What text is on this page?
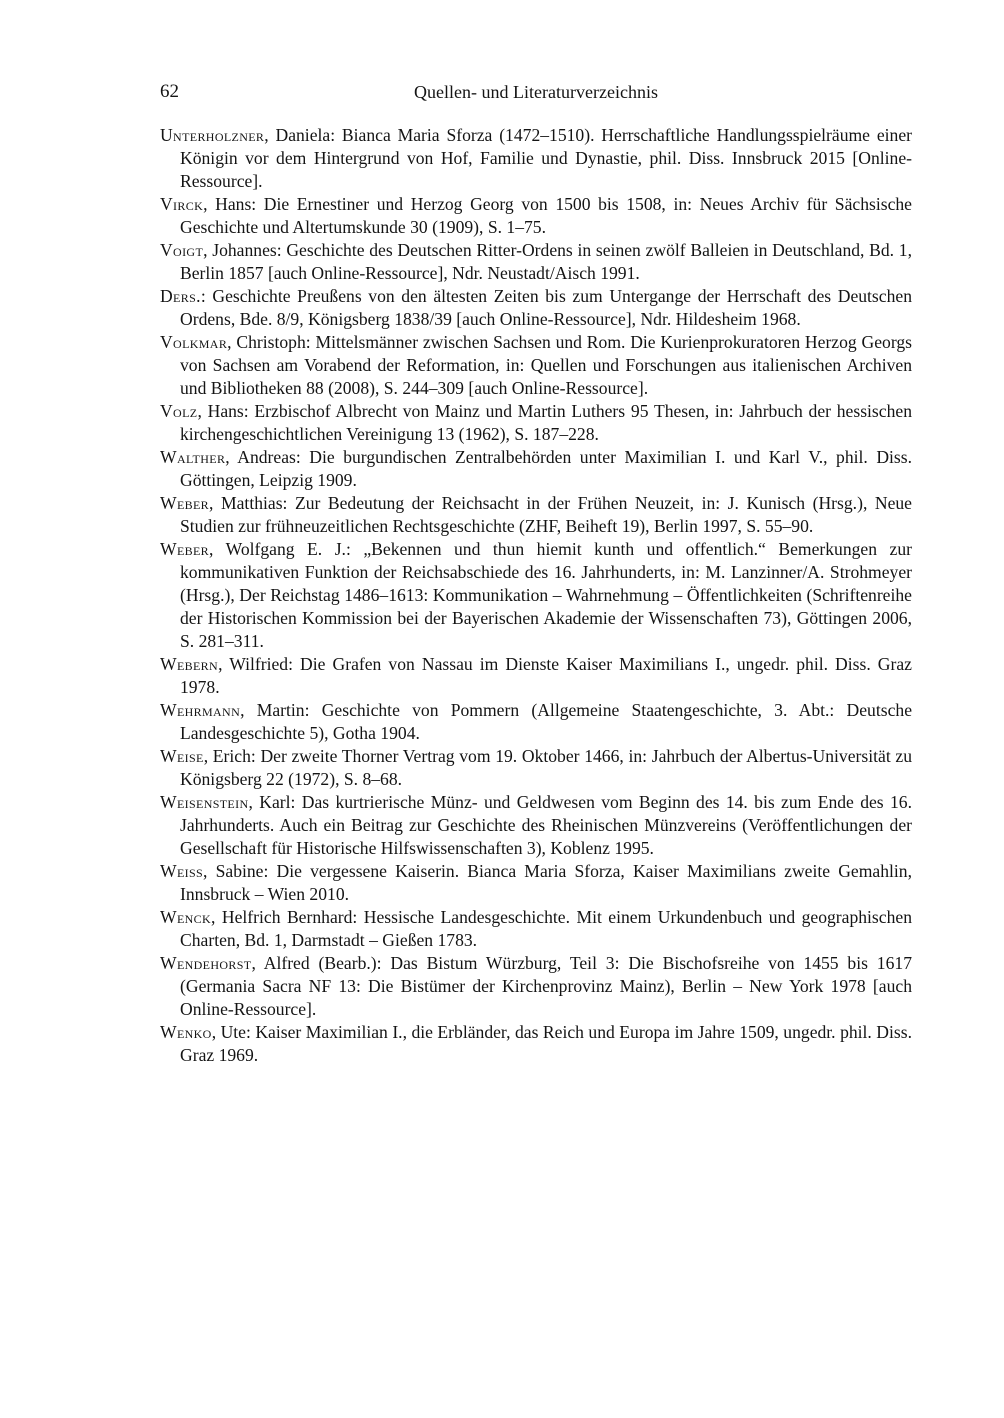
62	Quellen- und Literaturverzeichnis

Unterholzner, Daniela: Bianca Maria Sforza (1472–1510). Herrschaftliche Handlungsspielräume einer Königin vor dem Hintergrund von Hof, Familie und Dynastie, phil. Diss. Innsbruck 2015 [Online-Ressource].

Virck, Hans: Die Ernestiner und Herzog Georg von 1500 bis 1508, in: Neues Archiv für Sächsische Geschichte und Altertumskunde 30 (1909), S. 1–75.

Voigt, Johannes: Geschichte des Deutschen Ritter-Ordens in seinen zwölf Balleien in Deutschland, Bd. 1, Berlin 1857 [auch Online-Ressource], Ndr. Neustadt/Aisch 1991.

Ders.: Geschichte Preußens von den ältesten Zeiten bis zum Untergange der Herrschaft des Deutschen Ordens, Bde. 8/9, Königsberg 1838/39 [auch Online-Ressource], Ndr. Hildesheim 1968.

Volkmar, Christoph: Mittelsmänner zwischen Sachsen und Rom. Die Kurienprokuratoren Herzog Georgs von Sachsen am Vorabend der Reformation, in: Quellen und Forschungen aus italienischen Archiven und Bibliotheken 88 (2008), S. 244–309 [auch Online-Ressource].

Volz, Hans: Erzbischof Albrecht von Mainz und Martin Luthers 95 Thesen, in: Jahrbuch der hessischen kirchengeschichtlichen Vereinigung 13 (1962), S. 187–228.

Walther, Andreas: Die burgundischen Zentralbehörden unter Maximilian I. und Karl V., phil. Diss. Göttingen, Leipzig 1909.

Weber, Matthias: Zur Bedeutung der Reichsacht in der Frühen Neuzeit, in: J. Kunisch (Hrsg.), Neue Studien zur frühneuzeitlichen Rechtsgeschichte (ZHF, Beiheft 19), Berlin 1997, S. 55–90.

Weber, Wolfgang E. J.: „Bekennen und thun hiemit kunth und offentlich.“ Bemerkungen zur kommunikativen Funktion der Reichsabschiede des 16. Jahrhunderts, in: M. Lanzinner/A. Strohmeyer (Hrsg.), Der Reichstag 1486–1613: Kommunikation – Wahrnehmung – Öffentlichkeiten (Schriftenreihe der Historischen Kommission bei der Bayerischen Akademie der Wissenschaften 73), Göttingen 2006, S. 281–311.

Webern, Wilfried: Die Grafen von Nassau im Dienste Kaiser Maximilians I., ungedr. phil. Diss. Graz 1978.

Wehrmann, Martin: Geschichte von Pommern (Allgemeine Staatengeschichte, 3. Abt.: Deutsche Landesgeschichte 5), Gotha 1904.

Weise, Erich: Der zweite Thorner Vertrag vom 19. Oktober 1466, in: Jahrbuch der Albertus-Universität zu Königsberg 22 (1972), S. 8–68.

Weisenstein, Karl: Das kurtrierische Münz- und Geldwesen vom Beginn des 14. bis zum Ende des 16. Jahrhunderts. Auch ein Beitrag zur Geschichte des Rheinischen Münzvereins (Veröffentlichungen der Gesellschaft für Historische Hilfswissenschaften 3), Koblenz 1995.

Weiss, Sabine: Die vergessene Kaiserin. Bianca Maria Sforza, Kaiser Maximilians zweite Gemahlin, Innsbruck – Wien 2010.

Wenck, Helfrich Bernhard: Hessische Landesgeschichte. Mit einem Urkundenbuch und geographischen Charten, Bd. 1, Darmstadt – Gießen 1783.

Wendehorst, Alfred (Bearb.): Das Bistum Würzburg, Teil 3: Die Bischofsreihe von 1455 bis 1617 (Germania Sacra NF 13: Die Bistümer der Kirchenprovinz Mainz), Berlin – New York 1978 [auch Online-Ressource].

Wenko, Ute: Kaiser Maximilian I., die Erbländer, das Reich und Europa im Jahre 1509, ungedr. phil. Diss. Graz 1969.
